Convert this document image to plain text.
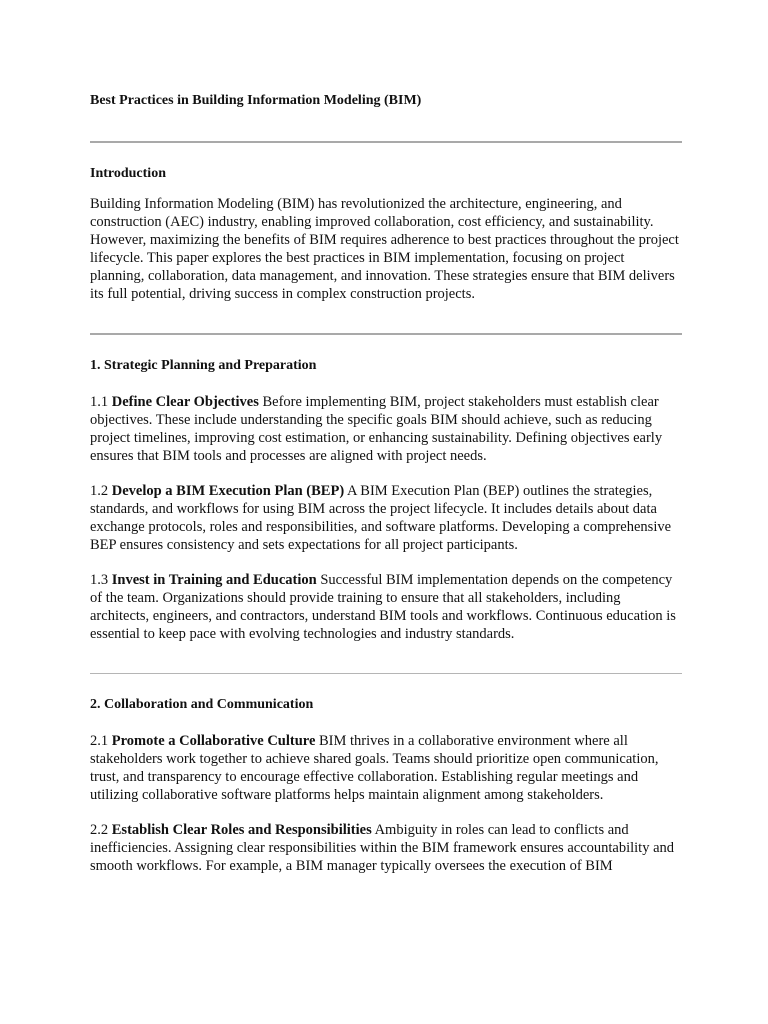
Best Practices in Building Information Modeling (BIM)
Introduction

Building Information Modeling (BIM) has revolutionized the architecture, engineering, and construction (AEC) industry, enabling improved collaboration, cost efficiency, and sustainability. However, maximizing the benefits of BIM requires adherence to best practices throughout the project lifecycle. This paper explores the best practices in BIM implementation, focusing on project planning, collaboration, data management, and innovation. These strategies ensure that BIM delivers its full potential, driving success in complex construction projects.

1. Strategic Planning and Preparation

1.1 Define Clear Objectives Before implementing BIM, project stakeholders must establish clear objectives. These include understanding the specific goals BIM should achieve, such as reducing project timelines, improving cost estimation, or enhancing sustainability. Defining objectives early ensures that BIM tools and processes are aligned with project needs.

1.2 Develop a BIM Execution Plan (BEP) A BIM Execution Plan (BEP) outlines the strategies, standards, and workflows for using BIM across the project lifecycle. It includes details about data exchange protocols, roles and responsibilities, and software platforms. Developing a comprehensive BEP ensures consistency and sets expectations for all project participants.

1.3 Invest in Training and Education Successful BIM implementation depends on the competency of the team. Organizations should provide training to ensure that all stakeholders, including architects, engineers, and contractors, understand BIM tools and workflows. Continuous education is essential to keep pace with evolving technologies and industry standards.

2. Collaboration and Communication

2.1 Promote a Collaborative Culture BIM thrives in a collaborative environment where all stakeholders work together to achieve shared goals. Teams should prioritize open communication, trust, and transparency to encourage effective collaboration. Establishing regular meetings and utilizing collaborative software platforms helps maintain alignment among stakeholders.

2.2 Establish Clear Roles and Responsibilities Ambiguity in roles can lead to conflicts and inefficiencies. Assigning clear responsibilities within the BIM framework ensures accountability and smooth workflows. For example, a BIM manager typically oversees the execution of BIM
